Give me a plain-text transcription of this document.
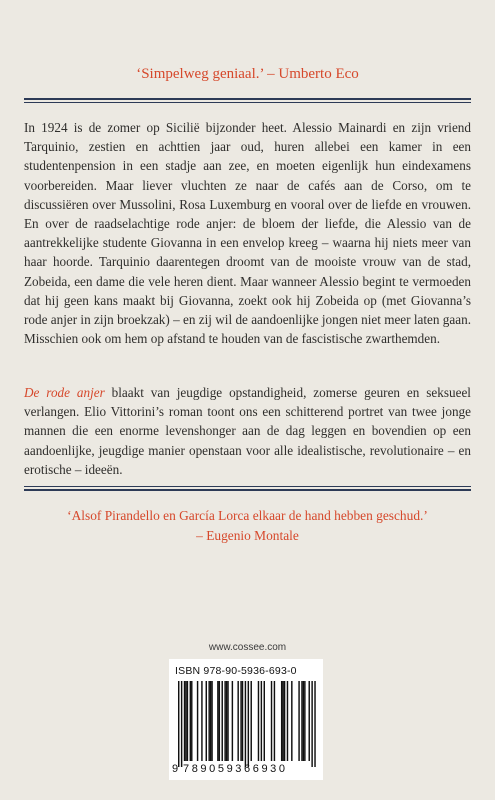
‘Simpelweg geniaal.’ – Umberto Eco
In 1924 is de zomer op Sicilië bijzonder heet. Alessio Mainardi en zijn vriend Tarquinio, zestien en achttien jaar oud, huren allebei een kamer in een studentenpension in een stadje aan zee, en moeten eigenlijk hun eindexamens voorbereiden. Maar liever vluchten ze naar de cafés aan de Corso, om te discussiëren over Mussolini, Rosa Luxemburg en vooral over de liefde en vrouwen. En over de raadselachtige rode anjer: de bloem der liefde, die Alessio van de aantrekkelijke studente Giovanna in een envelop kreeg – waarna hij niets meer van haar hoorde. Tarquinio daarentegen droomt van de mooiste vrouw van de stad, Zobeida, een dame die vele heren dient. Maar wanneer Alessio begint te vermoeden dat hij geen kans maakt bij Giovanna, zoekt ook hij Zobeida op (met Giovanna’s rode anjer in zijn broekzak) – en zij wil de aandoenlijke jongen niet meer laten gaan. Misschien ook om hem op afstand te houden van de fascistische zwarthemden.
De rode anjer blaakt van jeugdige opstandigheid, zomerse geuren en seksueel verlangen. Elio Vittorini’s roman toont ons een schitterend portret van twee jonge mannen die een enorme levenshonger aan de dag leggen en bovendien op een aandoenlijke, jeugdige manier openstaan voor alle idealistische, revolutionaire – en erotische – ideeën.
‘Alsof Pirandello en García Lorca elkaar de hand hebben geschud.’
– Eugenio Montale
www.cossee.com
ISBN 978-90-5936-693-0
9 789059366930
